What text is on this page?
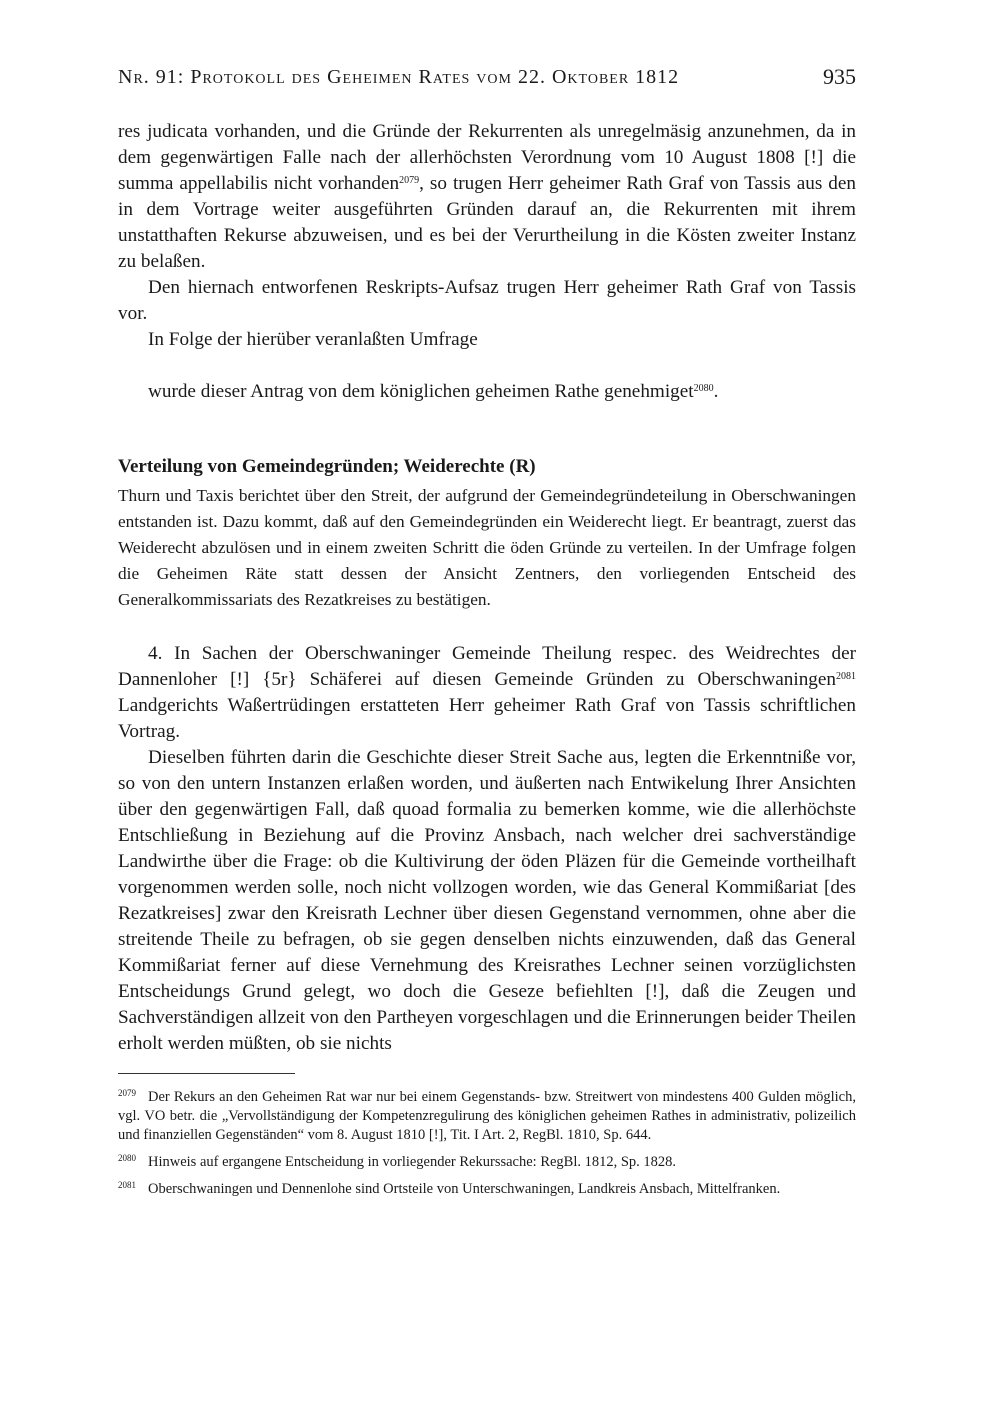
Nr. 91: Protokoll des Geheimen Rates vom 22. Oktober 1812	935

res judicata vorhanden, und die Gründe der Rekurrenten als unregelmäsig anzunehmen, da in dem gegenwärtigen Falle nach der allerhöchsten Verordnung vom 10 August 1808 [!] die summa appellabilis nicht vorhanden$^{2079}$, so trugen Herr geheimer Rath Graf von Tassis aus den in dem Vortrage weiter ausgeführten Gründen darauf an, die Rekurrenten mit ihrem unstatthaften Rekurse abzuweisen, und es bei der Verurtheilung in die Kösten zweiter Instanz zu belaßen.

Den hiernach entworfenen Reskripts-Aufsaz trugen Herr geheimer Rath Graf von Tassis vor.

In Folge der hierüber veranlaßten Umfrage

wurde dieser Antrag von dem königlichen geheimen Rathe genehmiget$^{2080}$.

Verteilung von Gemeindegründen; Weiderechte (R)

Thurn und Taxis berichtet über den Streit, der aufgrund der Gemeindegründeteilung in Oberschwaningen entstanden ist. Dazu kommt, daß auf den Gemeindegründen ein Weiderecht liegt. Er beantragt, zuerst das Weiderecht abzulösen und in einem zweiten Schritt die öden Gründe zu verteilen. In der Umfrage folgen die Geheimen Räte statt dessen der Ansicht Zentners, den vorliegenden Entscheid des Generalkommissariats des Rezatkreises zu bestätigen.

4. In Sachen der Oberschwaninger Gemeinde Theilung respec. des Weidrechtes der Dannenloher [!] {5r} Schäferei auf diesen Gemeinde Gründen zu Oberschwaningen$^{2081}$ Landgerichts Waßertrüdingen erstatteten Herr geheimer Rath Graf von Tassis schriftlichen Vortrag.

Dieselben führten darin die Geschichte dieser Streit Sache aus, legten die Erkenntniße vor, so von den untern Instanzen erlaßen worden, und äußerten nach Entwikelung Ihrer Ansichten über den gegenwärtigen Fall, daß quoad formalia zu bemerken komme, wie die allerhöchste Entschließung in Beziehung auf die Provinz Ansbach, nach welcher drei sachverständige Landwirthe über die Frage: ob die Kultivirung der öden Pläzen für die Gemeinde vortheilhaft vorgenommen werden solle, noch nicht vollzogen worden, wie das General Kommißariat [des Rezatkreises] zwar den Kreisrath Lechner über diesen Gegenstand vernommen, ohne aber die streitende Theile zu befragen, ob sie gegen denselben nichts einzuwenden, daß das General Kommißariat ferner auf diese Vernehmung des Kreisrathes Lechner seinen vorzüglichsten Entscheidungs Grund gelegt, wo doch die Geseze befiehlten [!], daß die Zeugen und Sachverständigen allzeit von den Partheyen vorgeschlagen und die Erinnerungen beider Theilen erholt werden müßten, ob sie nichts

$^{2079}$ Der Rekurs an den Geheimen Rat war nur bei einem Gegenstands- bzw. Streitwert von mindestens 400 Gulden möglich, vgl. VO betr. die „Vervollständigung der Kompetenzregulirung des königlichen geheimen Rathes in administrativ, polizeilich und finanziellen Gegenständen“ vom 8. August 1810 [!], Tit. I Art. 2, RegBl. 1810, Sp. 644.

$^{2080}$ Hinweis auf ergangene Entscheidung in vorliegender Rekurssache: RegBl. 1812, Sp. 1828.

$^{2081}$ Oberschwaningen und Dennenlohe sind Ortsteile von Unterschwaningen, Landkreis Ansbach, Mittelfranken.
